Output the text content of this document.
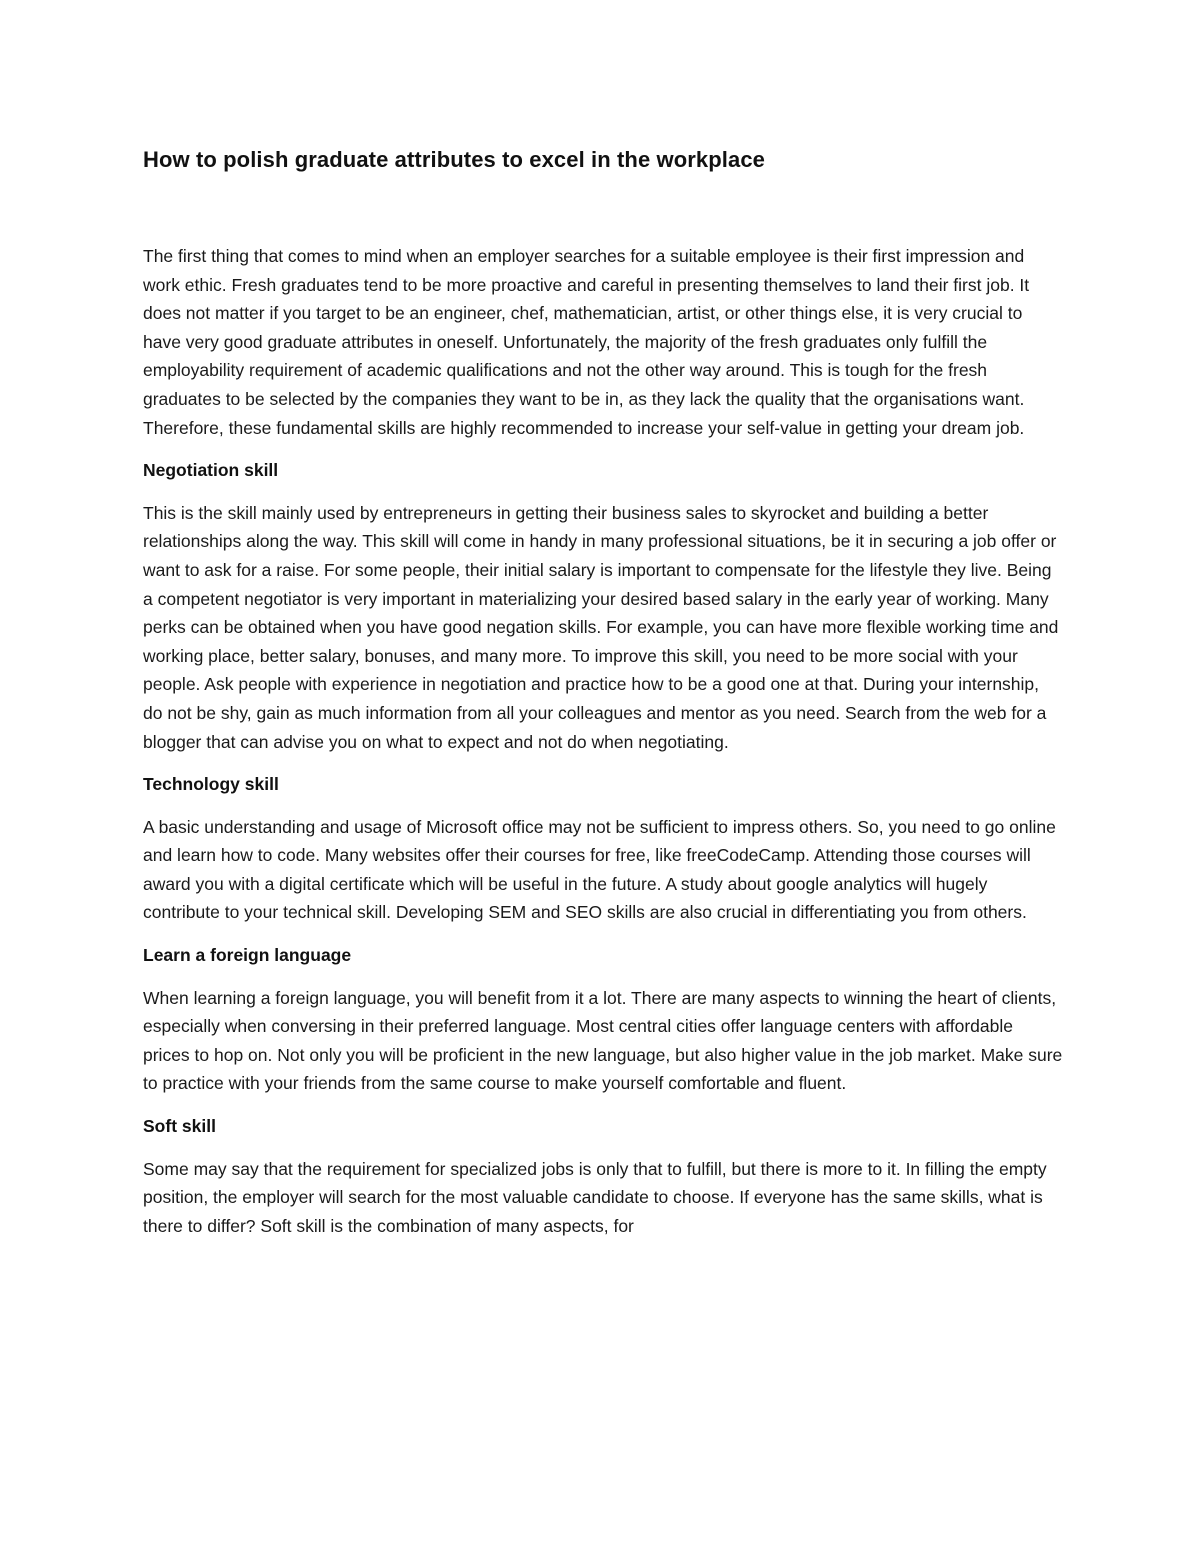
How to polish graduate attributes to excel in the workplace

The first thing that comes to mind when an employer searches for a suitable employee is their first impression and work ethic. Fresh graduates tend to be more proactive and careful in presenting themselves to land their first job. It does not matter if you target to be an engineer, chef, mathematician, artist, or other things else, it is very crucial to have very good graduate attributes in oneself. Unfortunately, the majority of the fresh graduates only fulfill the employability requirement of academic qualifications and not the other way around. This is tough for the fresh graduates to be selected by the companies they want to be in, as they lack the quality that the organisations want. Therefore, these fundamental skills are highly recommended to increase your self-value in getting your dream job.

Negotiation skill

This is the skill mainly used by entrepreneurs in getting their business sales to skyrocket and building a better relationships along the way. This skill will come in handy in many professional situations, be it in securing a job offer or want to ask for a raise. For some people, their initial salary is important to compensate for the lifestyle they live. Being a competent negotiator is very important in materializing your desired based salary in the early year of working. Many perks can be obtained when you have good negation skills. For example, you can have more flexible working time and working place, better salary, bonuses, and many more. To improve this skill, you need to be more social with your people. Ask people with experience in negotiation and practice how to be a good one at that. During your internship, do not be shy, gain as much information from all your colleagues and mentor as you need. Search from the web for a blogger that can advise you on what to expect and not do when negotiating.

Technology skill

A basic understanding and usage of Microsoft office may not be sufficient to impress others. So, you need to go online and learn how to code. Many websites offer their courses for free, like freeCodeCamp. Attending those courses will award you with a digital certificate which will be useful in the future. A study about google analytics will hugely contribute to your technical skill. Developing SEM and SEO skills are also crucial in differentiating you from others.

Learn a foreign language

When learning a foreign language, you will benefit from it a lot. There are many aspects to winning the heart of clients, especially when conversing in their preferred language. Most central cities offer language centers with affordable prices to hop on. Not only you will be proficient in the new language, but also higher value in the job market. Make sure to practice with your friends from the same course to make yourself comfortable and fluent.

Soft skill

Some may say that the requirement for specialized jobs is only that to fulfill, but there is more to it. In filling the empty position, the employer will search for the most valuable candidate to choose. If everyone has the same skills, what is there to differ? Soft skill is the combination of many aspects, for
